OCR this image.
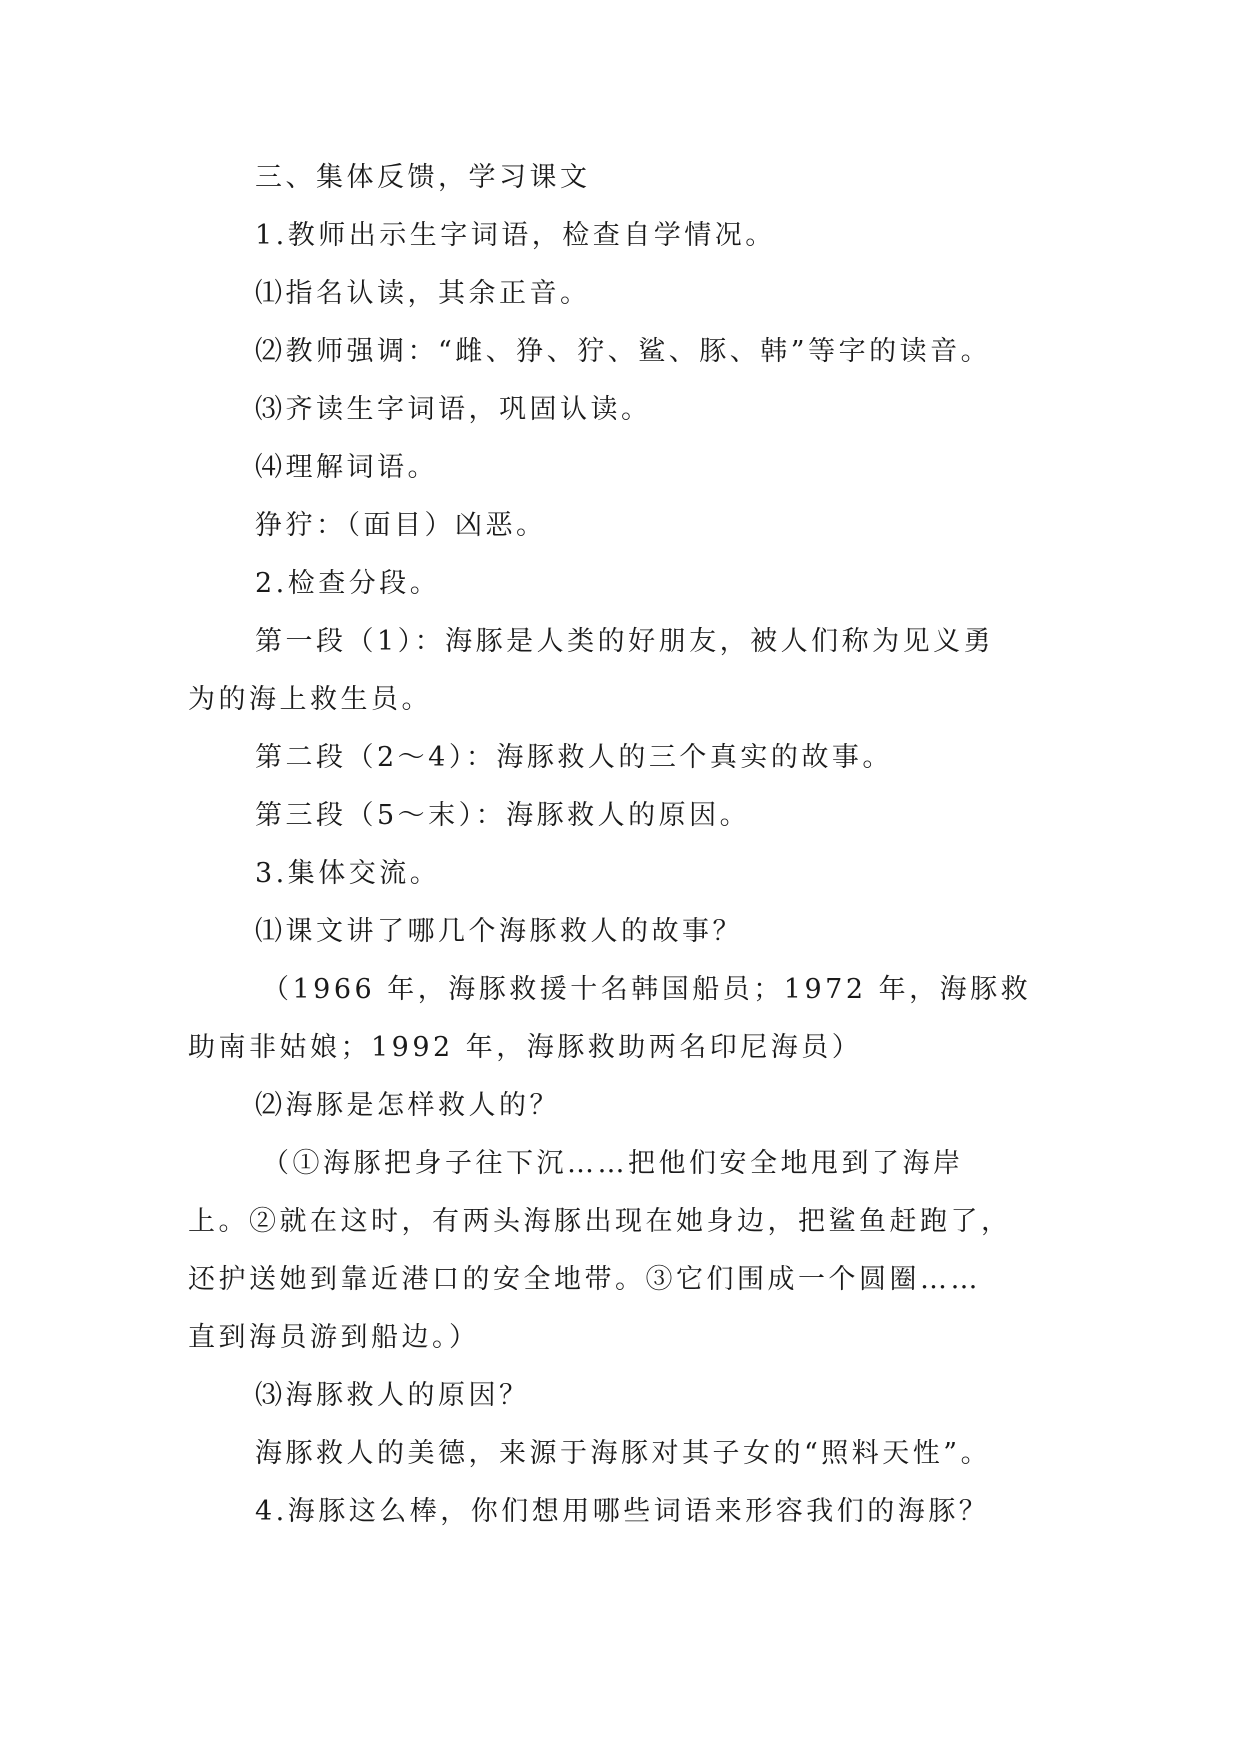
三、集体反馈，学习课文
1.教师出示生字词语，检查自学情况。
⑴指名认读，其余正音。
⑵教师强调：“雌、狰、狞、鲨、豚、韩”等字的读音。
⑶齐读生字词语，巩固认读。
⑷理解词语。
狰狞：（面目）凶恶。
2.检查分段。
第一段（1）：海豚是人类的好朋友，被人们称为见义勇
为的海上救生员。
第二段（2～4）：海豚救人的三个真实的故事。
第三段（5～末）：海豚救人的原因。
3.集体交流。
⑴课文讲了哪几个海豚救人的故事？
（1966 年，海豚救援十名韩国船员；1972 年，海豚救
助南非姑娘；1992 年，海豚救助两名印尼海员）
⑵海豚是怎样救人的？
（①海豚把身子往下沉……把他们安全地甩到了海岸
上。②就在这时，有两头海豚出现在她身边，把鲨鱼赶跑了，
还护送她到靠近港口的安全地带。③它们围成一个圆圈……
直到海员游到船边。）
⑶海豚救人的原因？
海豚救人的美德，来源于海豚对其子女的“照料天性”。
4.海豚这么棒，你们想用哪些词语来形容我们的海豚？
